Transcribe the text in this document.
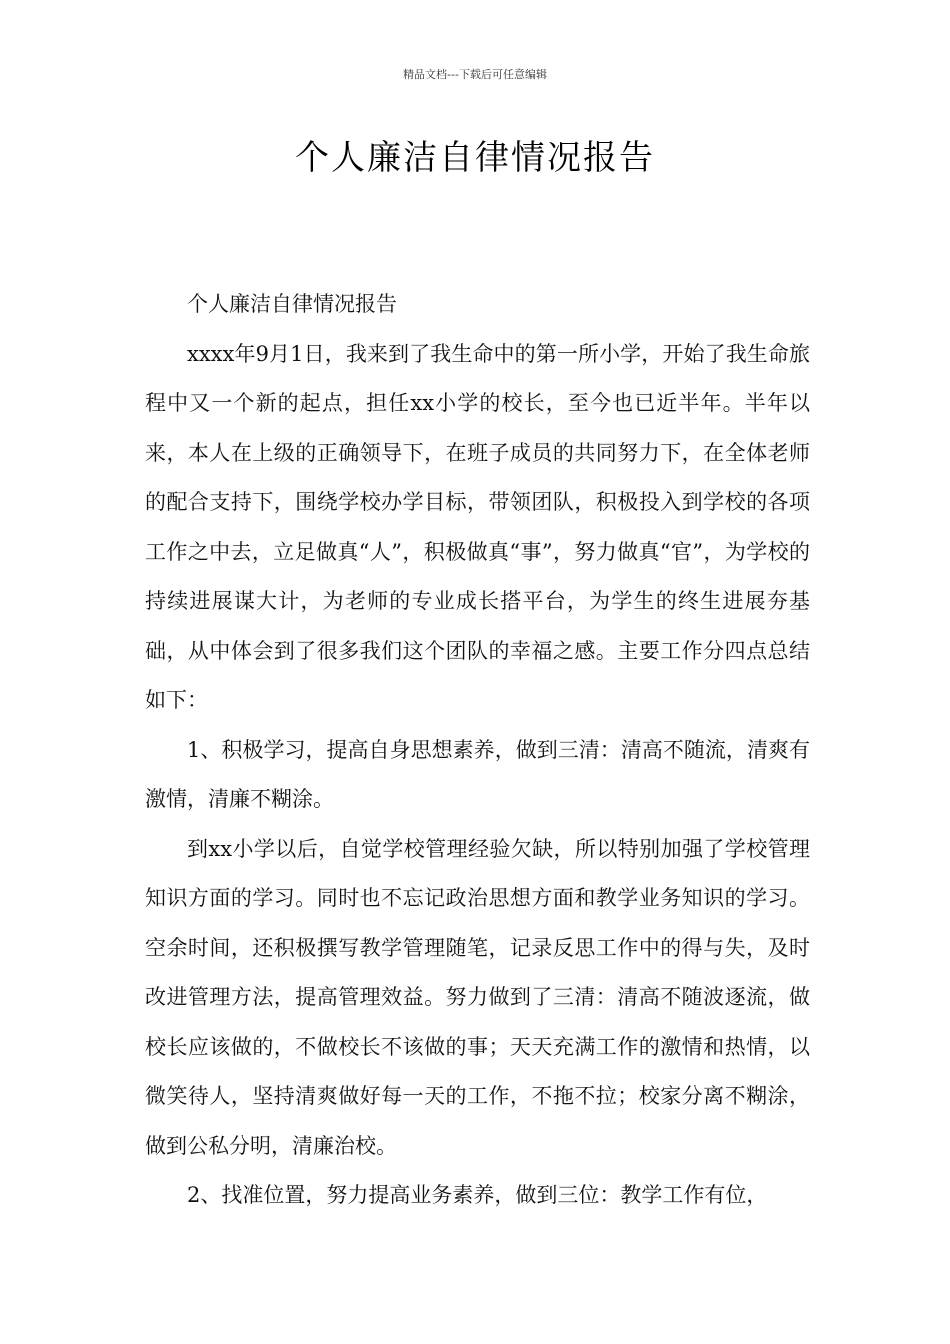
精品文档---下载后可任意编辑
个人廉洁自律情况报告

个人廉洁自律情况报告

xxxx年9月1日，我来到了我生命中的第一所小学，开始了我生命旅程中又一个新的起点，担任xx小学的校长，至今也已近半年。半年以来，本人在上级的正确领导下，在班子成员的共同努力下，在全体老师的配合支持下，围绕学校办学目标，带领团队，积极投入到学校的各项工作之中去，立足做真“人”，积极做真“事”，努力做真“官”，为学校的持续进展谋大计，为老师的专业成长搭平台，为学生的终生进展夯基础，从中体会到了很多我们这个团队的幸福之感。主要工作分四点总结如下：

1、积极学习，提高自身思想素养，做到三清：清高不随流，清爽有激情，清廉不糊涂。

到xx小学以后，自觉学校管理经验欠缺，所以特别加强了学校管理知识方面的学习。同时也不忘记政治思想方面和教学业务知识的学习。空余时间，还积极撰写教学管理随笔，记录反思工作中的得与失，及时改进管理方法，提高管理效益。努力做到了三清：清高不随波逐流，做校长应该做的，不做校长不该做的事；天天充满工作的激情和热情，以微笑待人，坚持清爽做好每一天的工作，不拖不拉；校家分离不糊涂，做到公私分明，清廉治校。

2、找准位置，努力提高业务素养，做到三位：教学工作有位，
